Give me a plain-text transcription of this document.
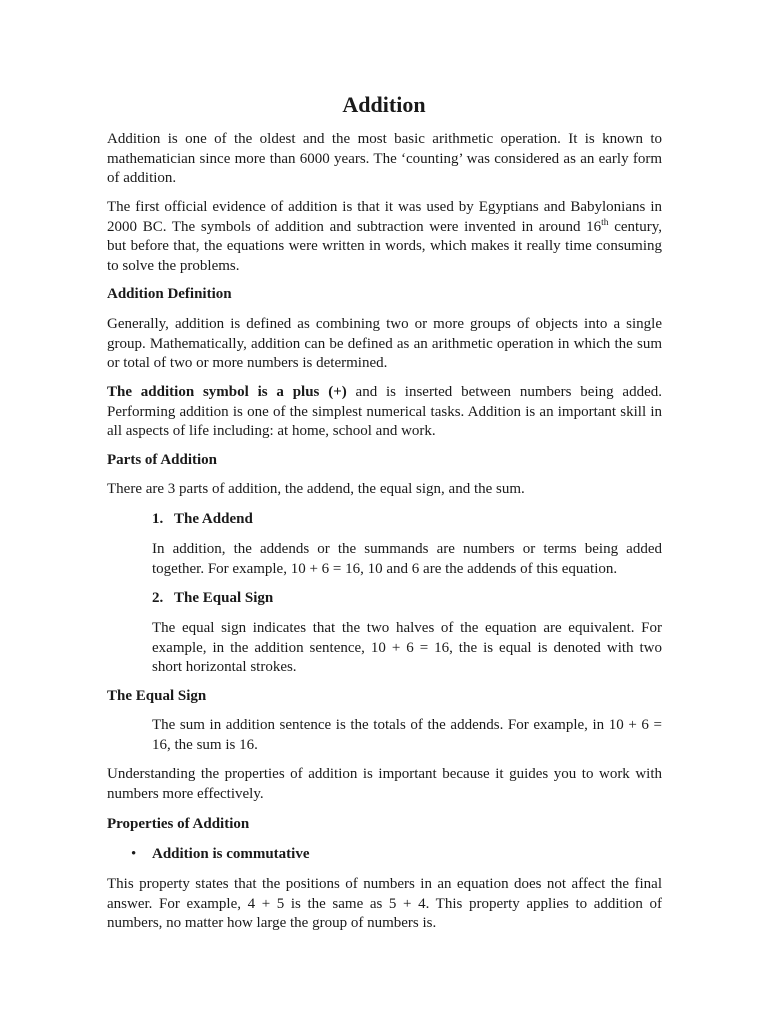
Addition
Addition is one of the oldest and the most basic arithmetic operation. It is known to
mathematician since more than 6000 years. The ‘counting’ was considered as an early form
of addition.
The first official evidence of addition is that it was used by Egyptians and Babylonians in
2000 BC. The symbols of addition and subtraction were invented in around 16th century,
but before that, the equations were written in words, which makes it really time consuming
to solve the problems.
Addition Definition
Generally, addition is defined as combining two or more groups of objects into a single
group. Mathematically, addition can be defined as an arithmetic operation in which the sum
or total of two or more numbers is determined.
The addition symbol is a plus (+) and is inserted between numbers being added.
Performing addition is one of the simplest numerical tasks. Addition is an important skill in
all aspects of life including: at home, school and work.
Parts of Addition
There are 3 parts of addition, the addend, the equal sign, and the sum.
1. The Addend
In addition, the addends or the summands are numbers or terms being added
together. For example, 10 + 6 = 16, 10 and 6 are the addends of this equation.
2. The Equal Sign
The equal sign indicates that the two halves of the equation are equivalent. For
example, in the addition sentence, 10 + 6 = 16, the is equal is denoted with two
short horizontal strokes.
The Equal Sign
The sum in addition sentence is the totals of the addends. For example, in 10 + 6 =
16, the sum is 16.
Understanding the properties of addition is important because it guides you to work with
numbers more effectively.
Properties of Addition
• Addition is commutative
This property states that the positions of numbers in an equation does not affect the final
answer. For example, 4 + 5 is the same as 5 + 4. This property applies to addition of
numbers, no matter how large the group of numbers is.
